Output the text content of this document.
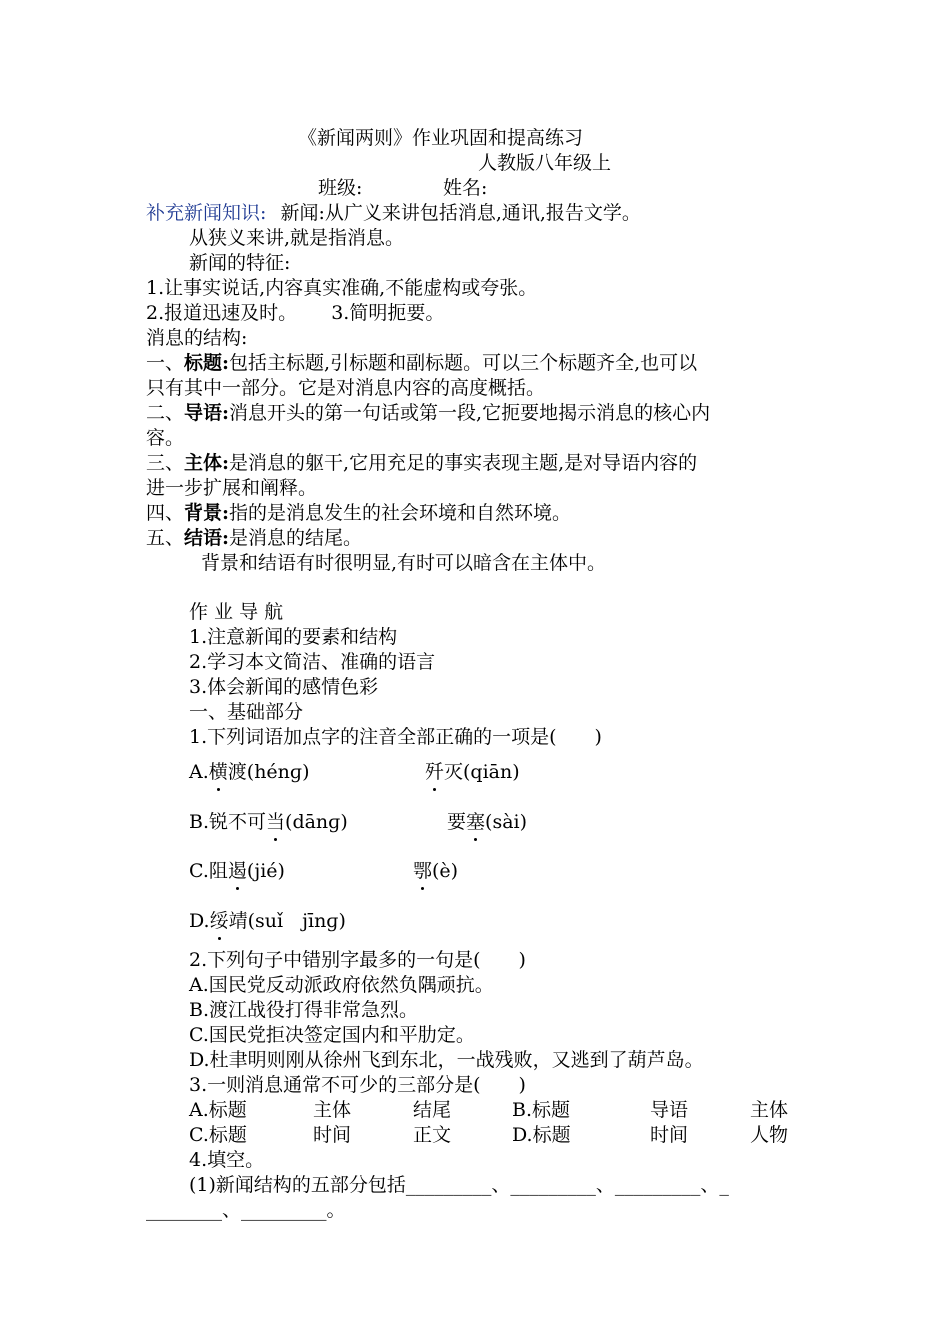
《新闻两则》作业巩固和提高练习
人教版八年级上
班级:	姓名:
补充新闻知识: 新闻:从广义来讲包括消息,通讯,报告文学。
从狭义来讲,就是指消息。
新闻的特征:
1.让事实说话,内容真实准确,不能虚构或夸张。
2.报道迅速及时。 3.简明扼要。
消息的结构:
一、标题:包括主标题,引标题和副标题。可以三个标题齐全,也可以
只有其中一部分。它是对消息内容的高度概括。
二、导语:消息开头的第一句话或第一段,它扼要地揭示消息的核心内
容。
三、主体:是消息的躯干,它用充足的事实表现主题,是对导语内容的
进一步扩展和阐释。
四、背景:指的是消息发生的社会环境和自然环境。
五、结语:是消息的结尾。
背景和结语有时很明显,有时可以暗含在主体中。
作 业 导 航
1.注意新闻的要素和结构
2.学习本文简洁、准确的语言
3.体会新闻的感情色彩
一、基础部分
1.下列词语加点字的注音全部正确的一项是(　　)
A.横渡(hénɡ)	歼灭(qiān)
B.锐不可当(dānɡ)	要塞(sài)
C.阻遏(jié)	鄂(è)
D.绥靖(suǐ　jīnɡ)
2.下列句子中错别字最多的一句是(　　)
A.国民党反动派政府依然负隅顽抗。
B.渡江战役打得非常急烈。
C.国民党拒决签定国内和平肋定。
D.杜聿明则刚从徐州飞到东北，一战残败，又逃到了葫芦岛。
3.一则消息通常不可少的三部分是(　　)
A.标题	主体	结尾	B.标题	导语	主体
C.标题	时间	正文	D.标题	时间	人物
4.填空。
(1)新闻结构的五部分包括_________、_________、_________、_
________、_________。
